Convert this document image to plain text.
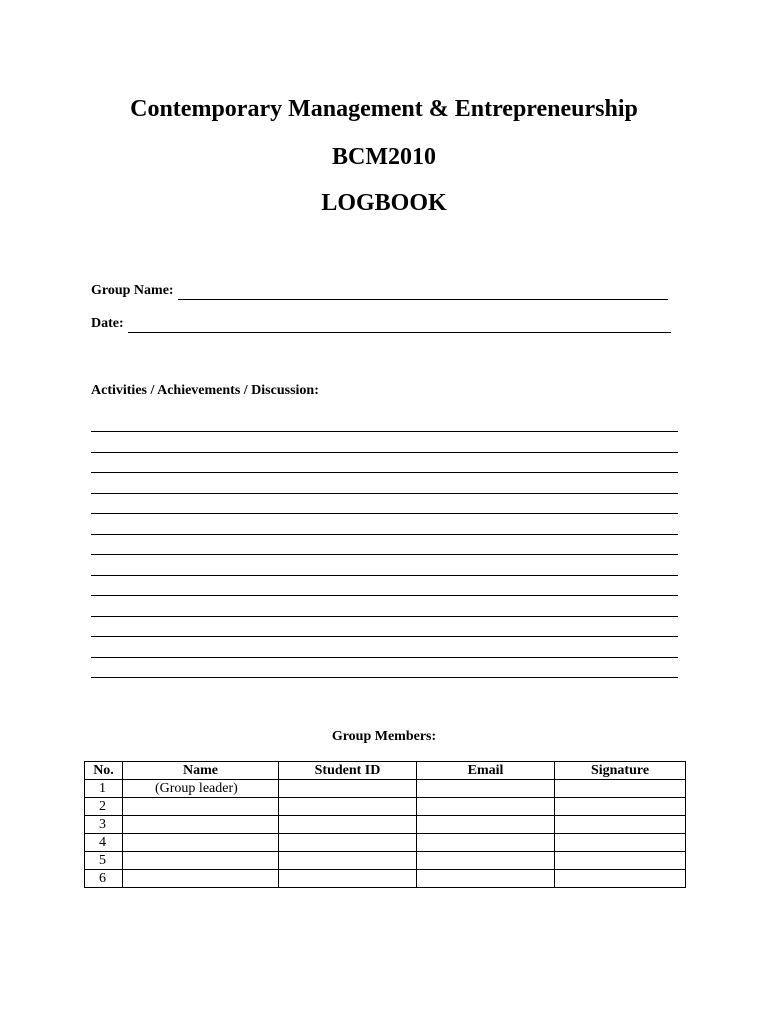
Contemporary Management & Entrepreneurship
BCM2010
LOGBOOK
Group Name:
Date:
Activities / Achievements / Discussion:
Group Members:
No.	Name	Student ID	Email	Signature
1	(Group leader)			
2				
3				
4				
5				
6				
